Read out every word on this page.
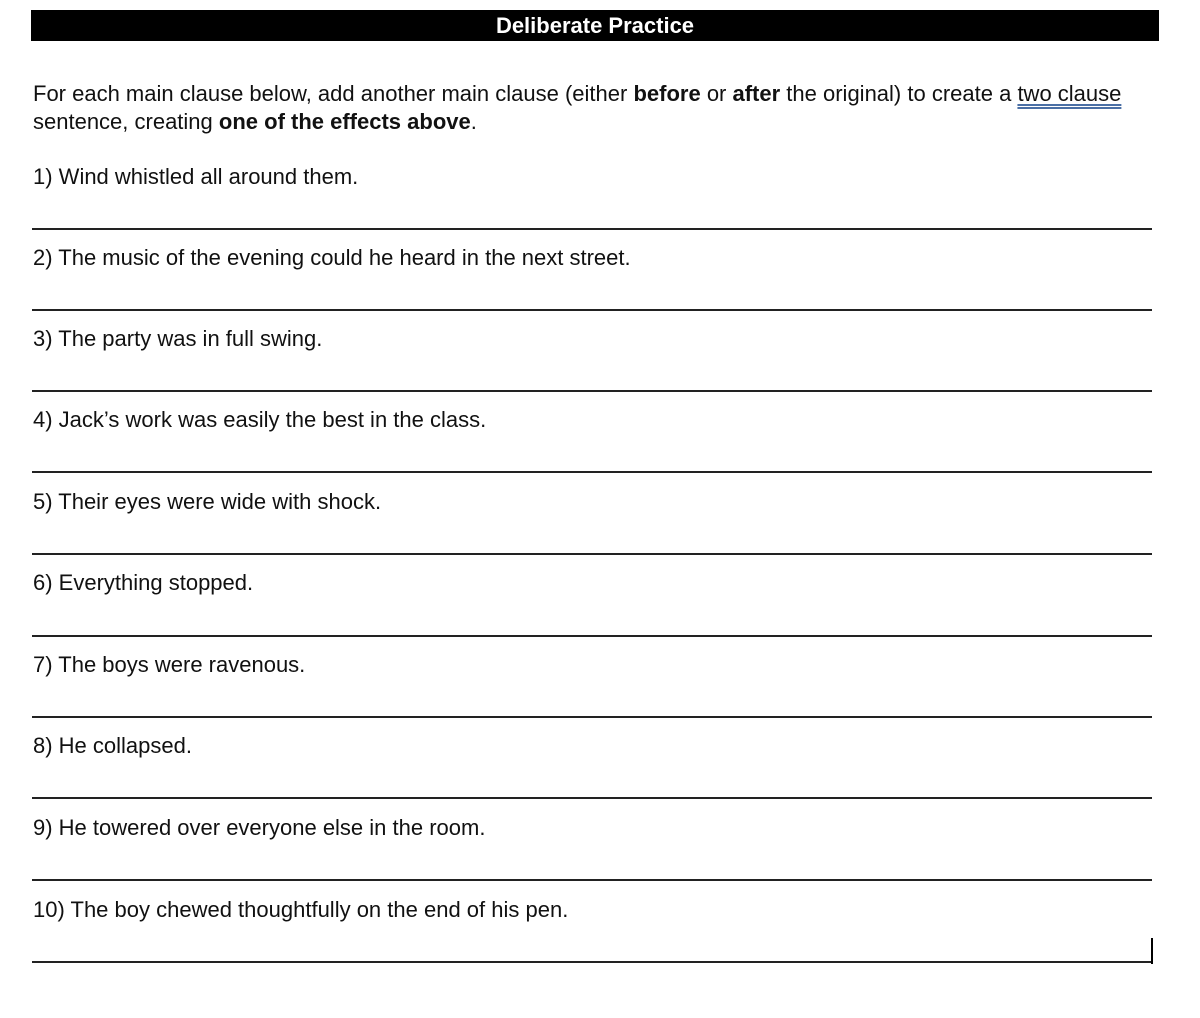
Deliberate Practice
For each main clause below, add another main clause (either before or after the original) to create a two clause sentence, creating one of the effects above.
1) Wind whistled all around them.
2) The music of the evening could he heard in the next street.
3) The party was in full swing.
4) Jack’s work was easily the best in the class.
5) Their eyes were wide with shock.
6) Everything stopped.
7) The boys were ravenous.
8) He collapsed.
9) He towered over everyone else in the room.
10) The boy chewed thoughtfully on the end of his pen.
